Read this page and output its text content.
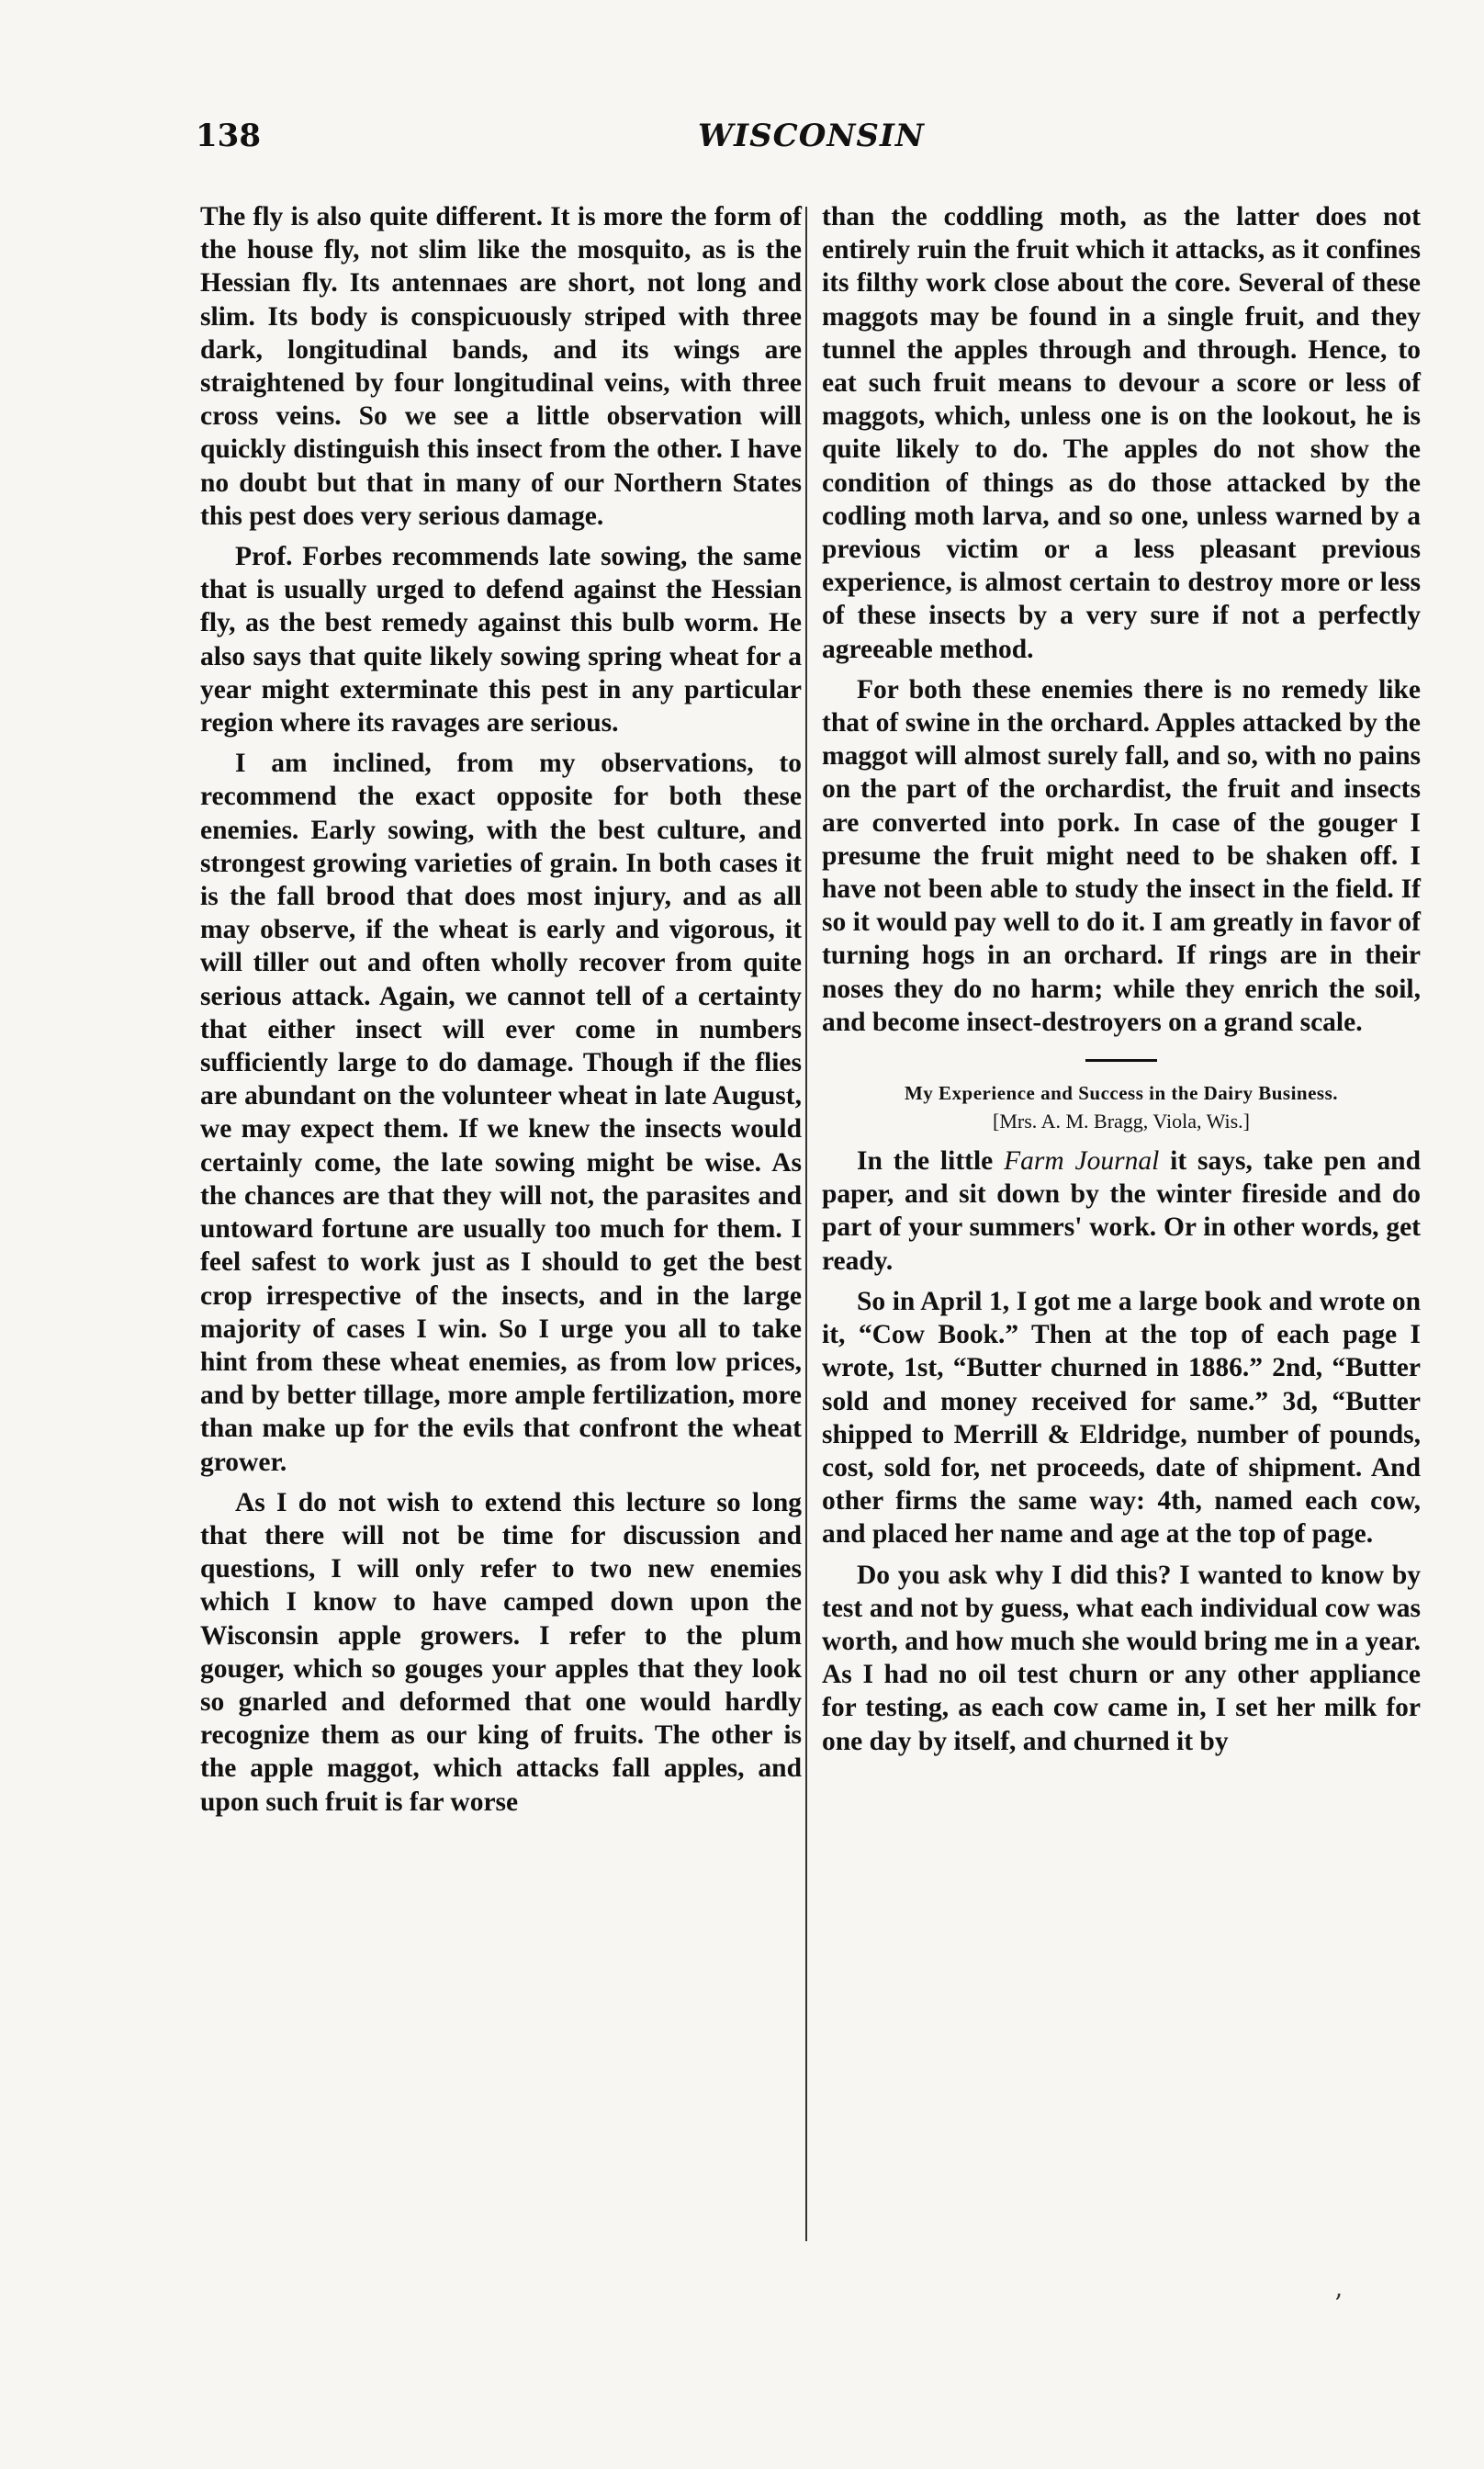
138	WISCONSIN

The fly is also quite different. It is more the form of the house fly, not slim like the mosquito, as is the Hessian fly. Its antennaes are short, not long and slim. Its body is conspicuously striped with three dark, longitudinal bands, and its wings are straightened by four longitudinal veins, with three cross veins. So we see a little observation will quickly distinguish this insect from the other. I have no doubt but that in many of our Northern States this pest does very serious damage.

Prof. Forbes recommends late sowing, the same that is usually urged to defend against the Hessian fly, as the best remedy against this bulb worm. He also says that quite likely sowing spring wheat for a year might exterminate this pest in any particular region where its ravages are serious.

I am inclined, from my observations, to recommend the exact opposite for both these enemies. Early sowing, with the best culture, and strongest growing varieties of grain. In both cases it is the fall brood that does most injury, and as all may observe, if the wheat is early and vigorous, it will tiller out and often wholly recover from quite serious attack. Again, we cannot tell of a certainty that either insect will ever come in numbers sufficiently large to do damage. Though if the flies are abundant on the volunteer wheat in late August, we may expect them. If we knew the insects would certainly come, the late sowing might be wise. As the chances are that they will not, the parasites and untoward fortune are usually too much for them. I feel safest to work just as I should to get the best crop irrespective of the insects, and in the large majority of cases I win. So I urge you all to take hint from these wheat enemies, as from low prices, and by better tillage, more ample fertilization, more than make up for the evils that confront the wheat grower.

As I do not wish to extend this lecture so long that there will not be time for discussion and questions, I will only refer to two new enemies which I know to have camped down upon the Wisconsin apple growers. I refer to the plum gouger, which so gouges your apples that they look so gnarled and deformed that one would hardly recognize them as our king of fruits. The other is the apple maggot, which attacks fall apples, and upon such fruit is far worse

than the coddling moth, as the latter does not entirely ruin the fruit which it attacks, as it confines its filthy work close about the core. Several of these maggots may be found in a single fruit, and they tunnel the apples through and through. Hence, to eat such fruit means to devour a score or less of maggots, which, unless one is on the lookout, he is quite likely to do. The apples do not show the condition of things as do those attacked by the codling moth larva, and so one, unless warned by a previous victim or a less pleasant previous experience, is almost certain to destroy more or less of these insects by a very sure if not a perfectly agreeable method.

For both these enemies there is no remedy like that of swine in the orchard. Apples attacked by the maggot will almost surely fall, and so, with no pains on the part of the orchardist, the fruit and insects are converted into pork. In case of the gouger I presume the fruit might need to be shaken off. I have not been able to study the insect in the field. If so it would pay well to do it. I am greatly in favor of turning hogs in an orchard. If rings are in their noses they do no harm; while they enrich the soil, and become insect-destroyers on a grand scale.

My Experience and Success in the Dairy Business.

[Mrs. A. M. Bragg, Viola, Wis.]

In the little Farm Journal it says, take pen and paper, and sit down by the winter fireside and do part of your summers' work. Or in other words, get ready.

So in April 1, I got me a large book and wrote on it, “Cow Book.” Then at the top of each page I wrote, 1st, “Butter churned in 1886.” 2nd, “Butter sold and money received for same.” 3d, “Butter shipped to Merrill & Eldridge, number of pounds, cost, sold for, net proceeds, date of shipment. And other firms the same way: 4th, named each cow, and placed her name and age at the top of page.

Do you ask why I did this? I wanted to know by test and not by guess, what each individual cow was worth, and how much she would bring me in a year. As I had no oil test churn or any other appliance for testing, as each cow came in, I set her milk for one day by itself, and churned it by

ʼ
